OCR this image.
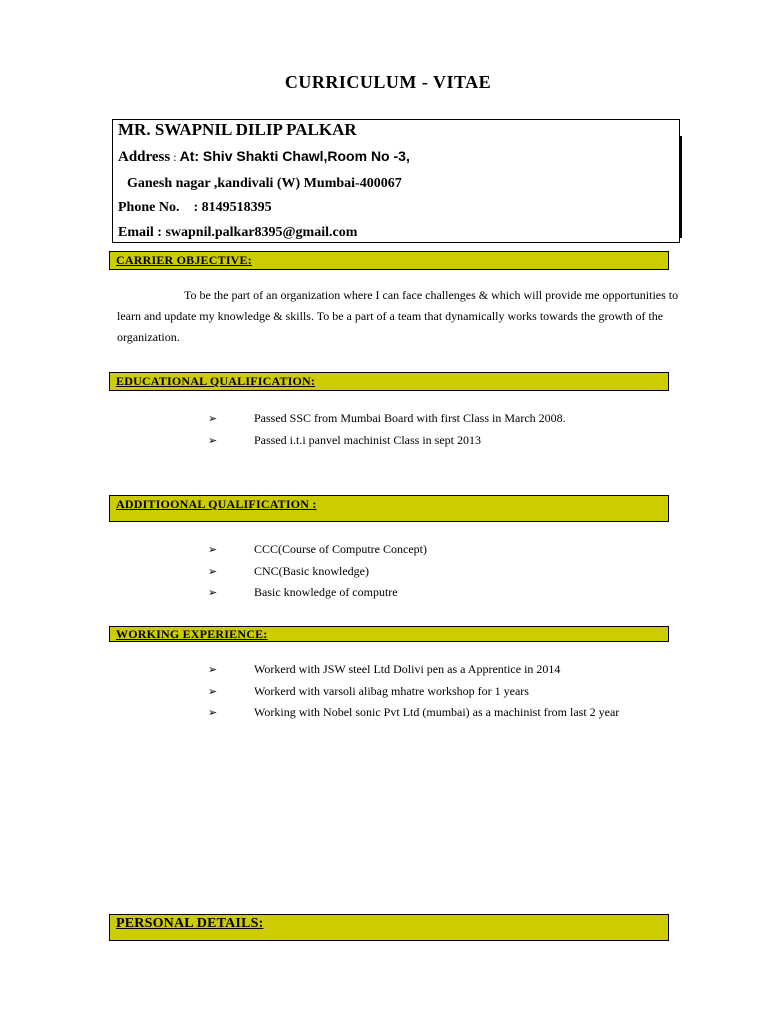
CURRICULUM - VITAE
MR. SWAPNIL DILIP PALKAR
Address : At: Shiv Shakti Chawl,Room No -3,
Ganesh nagar ,kandivali (W) Mumbai-400067
Phone No. : 8149518395
Email : swapnil.palkar8395@gmail.com
CARRIER OBJECTIVE:
To be the part of an organization where I can face challenges & which will provide me opportunities to learn and update my knowledge & skills. To be a part of a team that dynamically works towards the growth of the organization.
EDUCATIONAL QUALIFICATION:
➢	Passed SSC from Mumbai Board with first Class in March 2008.
➢	Passed i.t.i panvel machinist Class in sept 2013
ADDITIOONAL QUALIFICATION :
➢	CCC(Course of Computre Concept)
➢	CNC(Basic knowledge)
➢	Basic knowledge of computre
WORKING EXPERIENCE:
➢	Workerd with JSW steel Ltd Dolivi pen as a Apprentice in 2014
➢	Workerd with varsoli alibag mhatre workshop for 1 years
➢	Working with Nobel sonic Pvt Ltd (mumbai) as a machinist from last 2 year
PERSONAL DETAILS:
